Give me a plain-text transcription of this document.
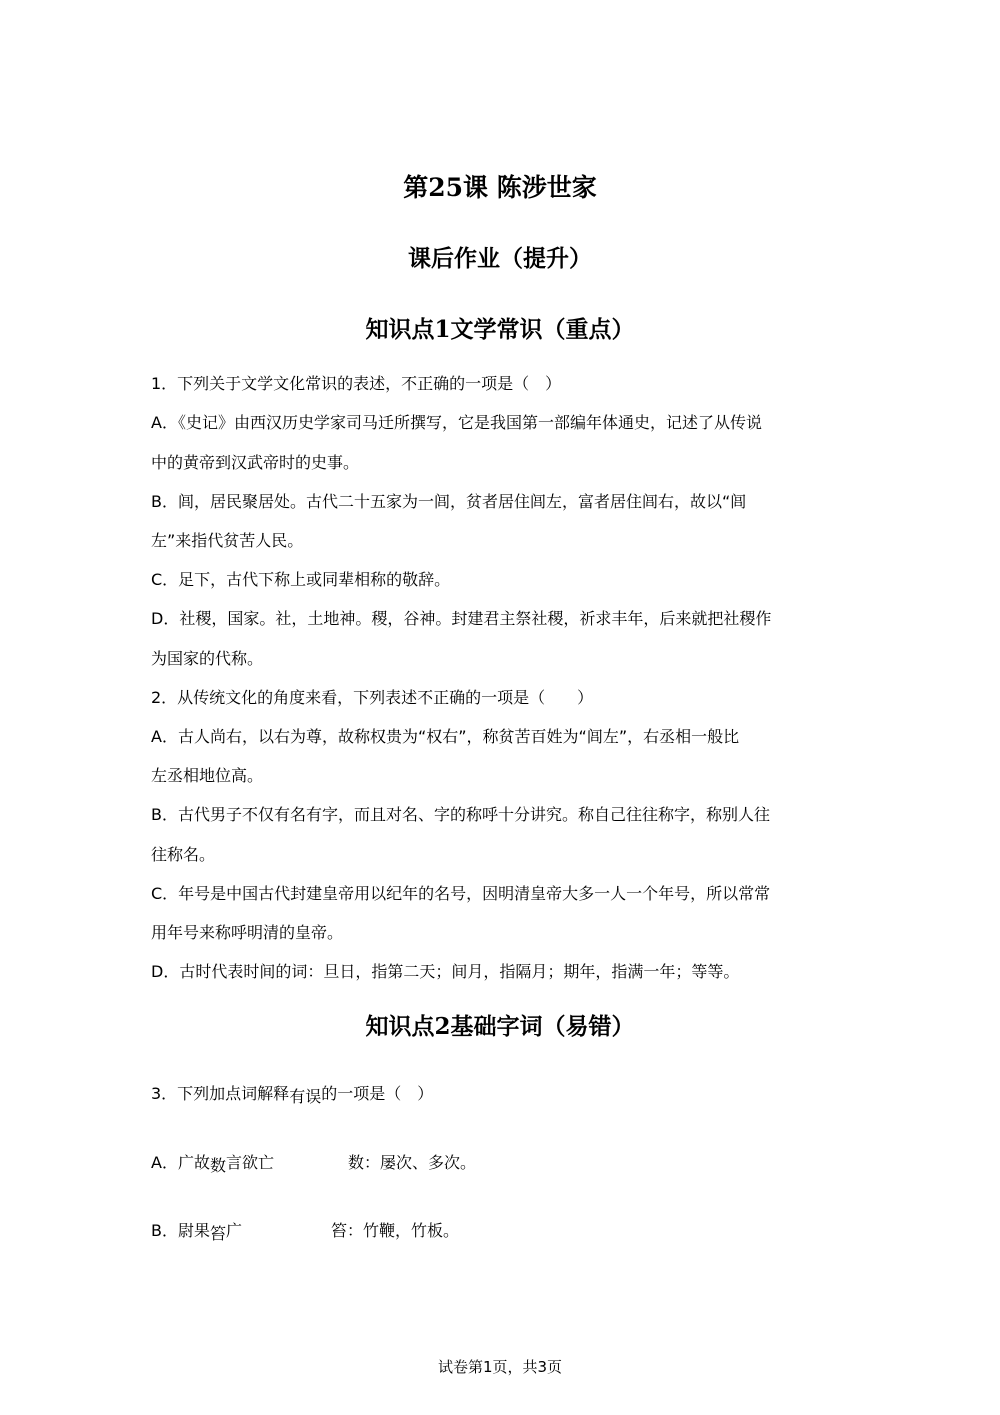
第25课 陈涉世家
课后作业（提升）
知识点1文学常识（重点）
1．下列关于文学文化常识的表述，不正确的一项是（　）
A．《史记》由西汉历史学家司马迁所撰写，它是我国第一部编年体通史，记述了从传说
中的黄帝到汉武帝时的史事。
B．闾，居民聚居处。古代二十五家为一闾，贫者居住闾左，富者居住闾右，故以“闾
左”来指代贫苦人民。
C．足下，古代下称上或同辈相称的敬辞。
D．社稷，国家。社，土地神。稷，谷神。封建君主祭社稷，祈求丰年，后来就把社稷作
为国家的代称。
2．从传统文化的角度来看，下列表述不正确的一项是（　　）
A．古人尚右，以右为尊，故称权贵为“权右”，称贫苦百姓为“闾左”，右丞相一般比
左丞相地位高。
B．古代男子不仅有名有字，而且对名、字的称呼十分讲究。称自己往往称字，称别人往
往称名。
C．年号是中国古代封建皇帝用以纪年的名号，因明清皇帝大多一人一个年号，所以常常
用年号来称呼明清的皇帝。
D．古时代表时间的词：旦日，指第二天；间月，指隔月；期年，指满一年；等等。
知识点2基础字词（易错）
3．下列加点词解释有误的一项是（　）
A．广故数言欲亡	数：屡次、多次。
B．尉果笞广	笞：竹鞭，竹板。
试卷第1页，共3页
